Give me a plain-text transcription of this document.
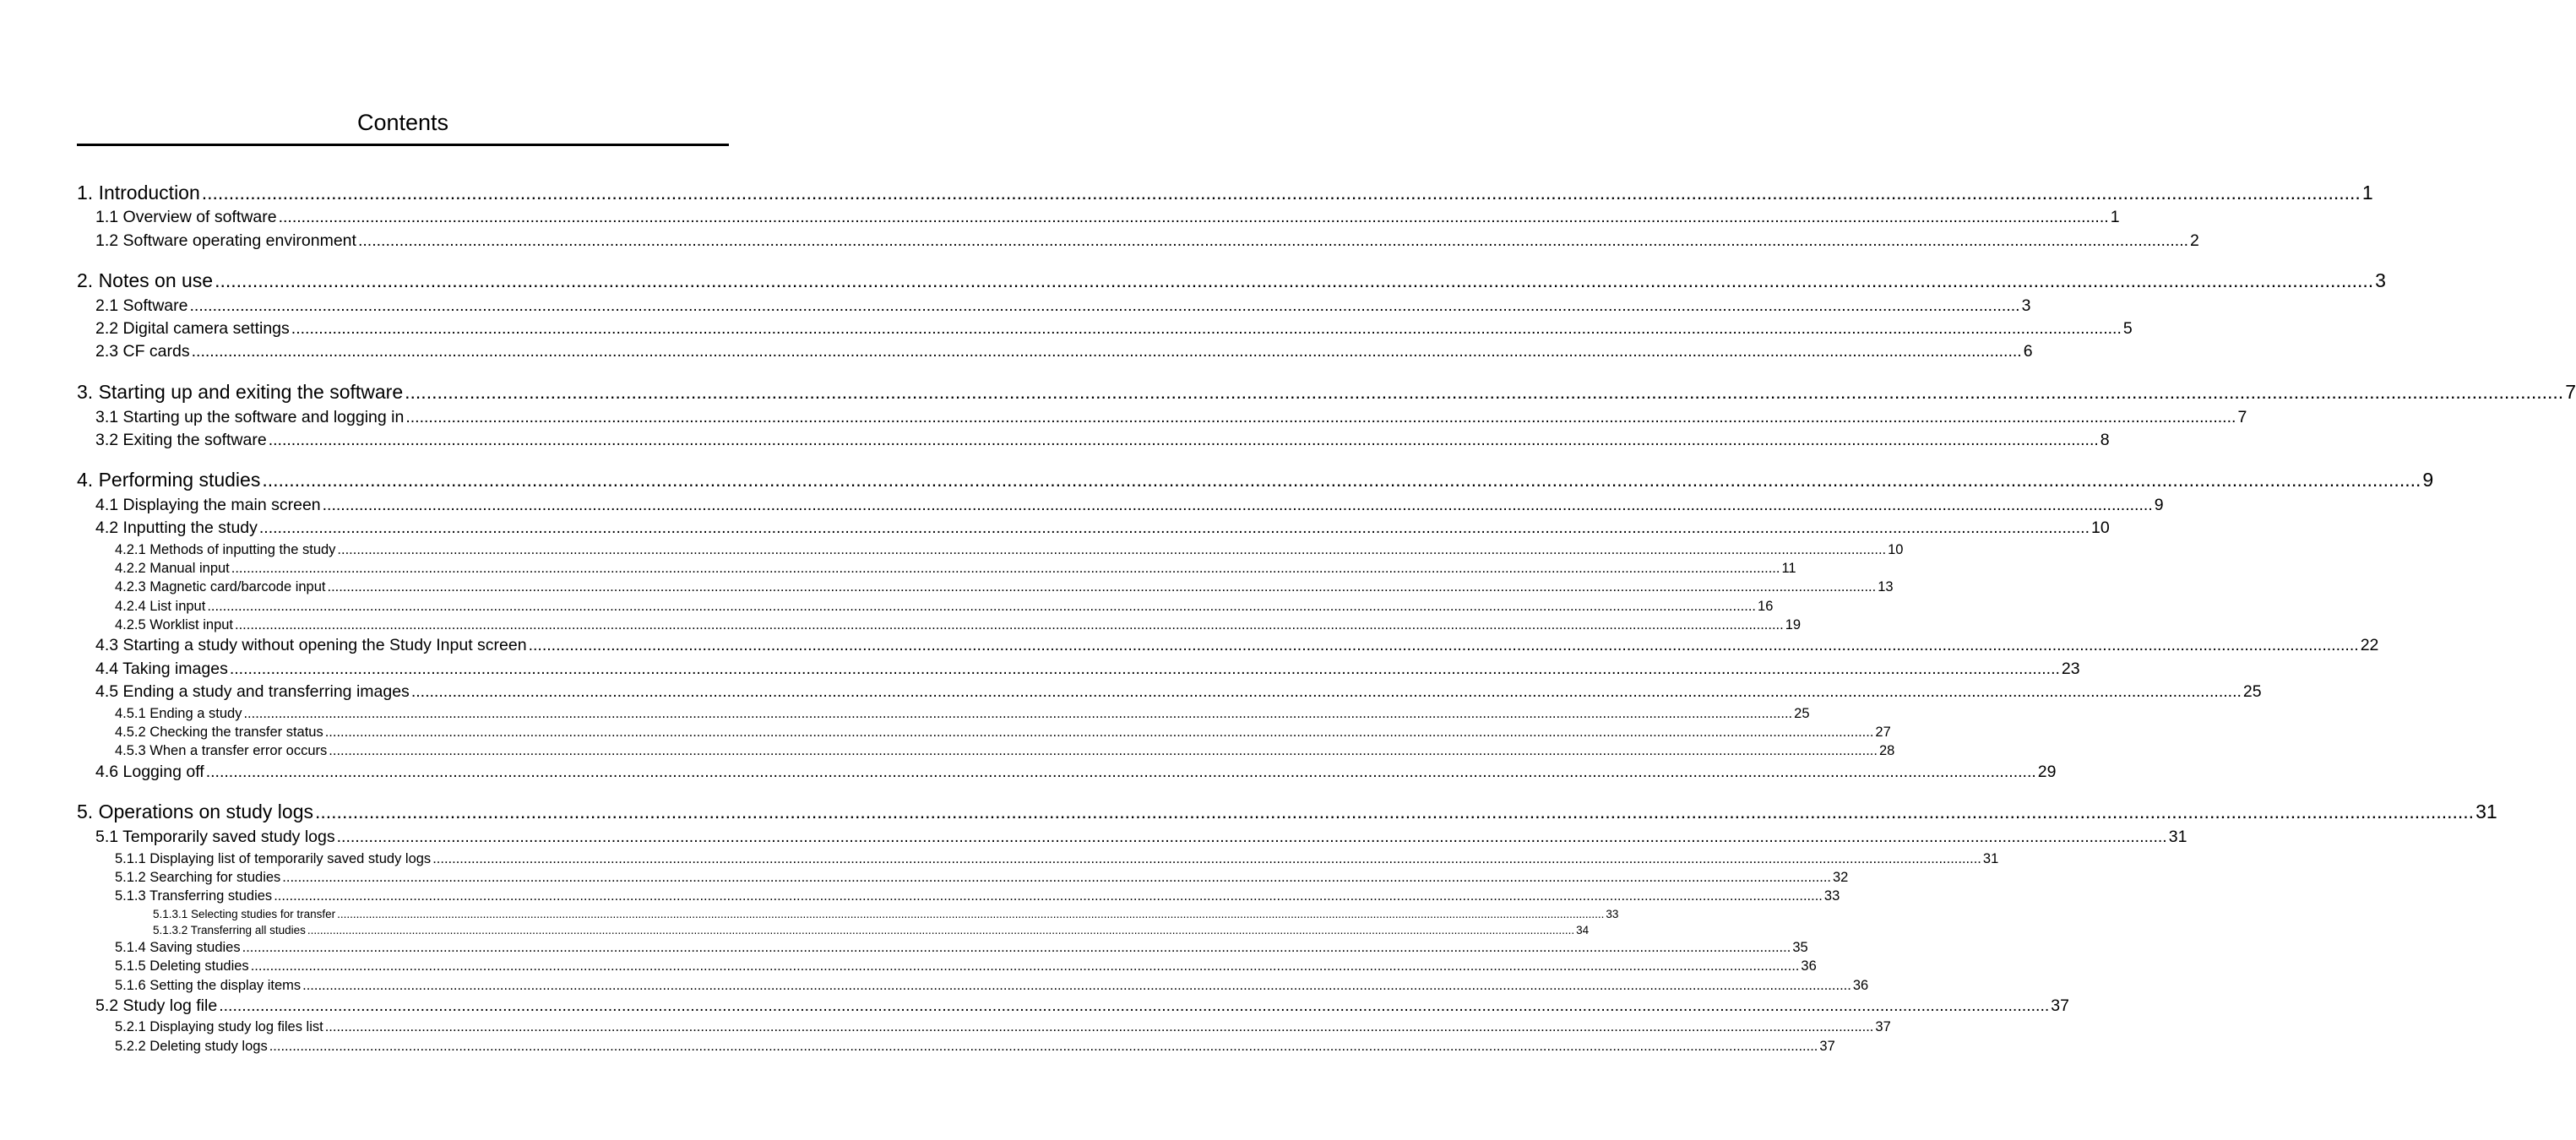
Contents
1. Introduction ................................................................................................................................................................................................................................................................................................................................................................................................................ 1
1.1 Overview of software ................................................................................................................................................................................................................................................................................................................................................................................................................ 1
1.2 Software operating environment ................................................................................................................................................................................................................................................................................................................................................................................................................ 2
2. Notes on use ................................................................................................................................................................................................................................................................................................................................................................................................................ 3
2.1 Software ................................................................................................................................................................................................................................................................................................................................................................................................................ 3
2.2 Digital camera settings ................................................................................................................................................................................................................................................................................................................................................................................................................ 5
2.3 CF cards ................................................................................................................................................................................................................................................................................................................................................................................................................ 6
3. Starting up and exiting the software ................................................................................................................................................................................................................................................................................................................................................................................................................ 7
3.1 Starting up the software and logging in ................................................................................................................................................................................................................................................................................................................................................................................................................ 7
3.2 Exiting the software ................................................................................................................................................................................................................................................................................................................................................................................................................ 8
4. Performing studies ................................................................................................................................................................................................................................................................................................................................................................................................................ 9
4.1 Displaying the main screen ................................................................................................................................................................................................................................................................................................................................................................................................................ 9
4.2 Inputting the study ................................................................................................................................................................................................................................................................................................................................................................................................................ 10
4.2.1 Methods of inputting the study ................................................................................................................................................................................................................................................................................................................................................................................................................ 10
4.2.2 Manual input ................................................................................................................................................................................................................................................................................................................................................................................................................ 11
4.2.3 Magnetic card/barcode input ................................................................................................................................................................................................................................................................................................................................................................................................................ 13
4.2.4 List input ................................................................................................................................................................................................................................................................................................................................................................................................................ 16
4.2.5 Worklist input ................................................................................................................................................................................................................................................................................................................................................................................................................ 19
4.3 Starting a study without opening the Study Input screen ................................................................................................................................................................................................................................................................................................................................................................................................................ 22
4.4 Taking images ................................................................................................................................................................................................................................................................................................................................................................................................................ 23
4.5 Ending a study and transferring images ................................................................................................................................................................................................................................................................................................................................................................................................................ 25
4.5.1 Ending a study ................................................................................................................................................................................................................................................................................................................................................................................................................ 25
4.5.2 Checking the transfer status ................................................................................................................................................................................................................................................................................................................................................................................................................ 27
4.5.3 When a transfer error occurs ................................................................................................................................................................................................................................................................................................................................................................................................................ 28
4.6 Logging off ................................................................................................................................................................................................................................................................................................................................................................................................................ 29
5. Operations on study logs ................................................................................................................................................................................................................................................................................................................................................................................................................ 31
5.1 Temporarily saved study logs ................................................................................................................................................................................................................................................................................................................................................................................................................ 31
5.1.1 Displaying list of temporarily saved study logs ................................................................................................................................................................................................................................................................................................................................................................................................................ 31
5.1.2 Searching for studies ................................................................................................................................................................................................................................................................................................................................................................................................................ 32
5.1.3 Transferring studies ................................................................................................................................................................................................................................................................................................................................................................................................................ 33
5.1.3.1 Selecting studies for transfer ................................................................................................................................................................................................................................................................................................................................................................................................................ 33
5.1.3.2 Transferring all studies ................................................................................................................................................................................................................................................................................................................................................................................................................ 34
5.1.4 Saving studies ................................................................................................................................................................................................................................................................................................................................................................................................................ 35
5.1.5 Deleting studies ................................................................................................................................................................................................................................................................................................................................................................................................................ 36
5.1.6 Setting the display items ................................................................................................................................................................................................................................................................................................................................................................................................................ 36
5.2 Study log file ................................................................................................................................................................................................................................................................................................................................................................................................................ 37
5.2.1 Displaying study log files list ................................................................................................................................................................................................................................................................................................................................................................................................................ 37
5.2.2 Deleting study logs ................................................................................................................................................................................................................................................................................................................................................................................................................ 37
